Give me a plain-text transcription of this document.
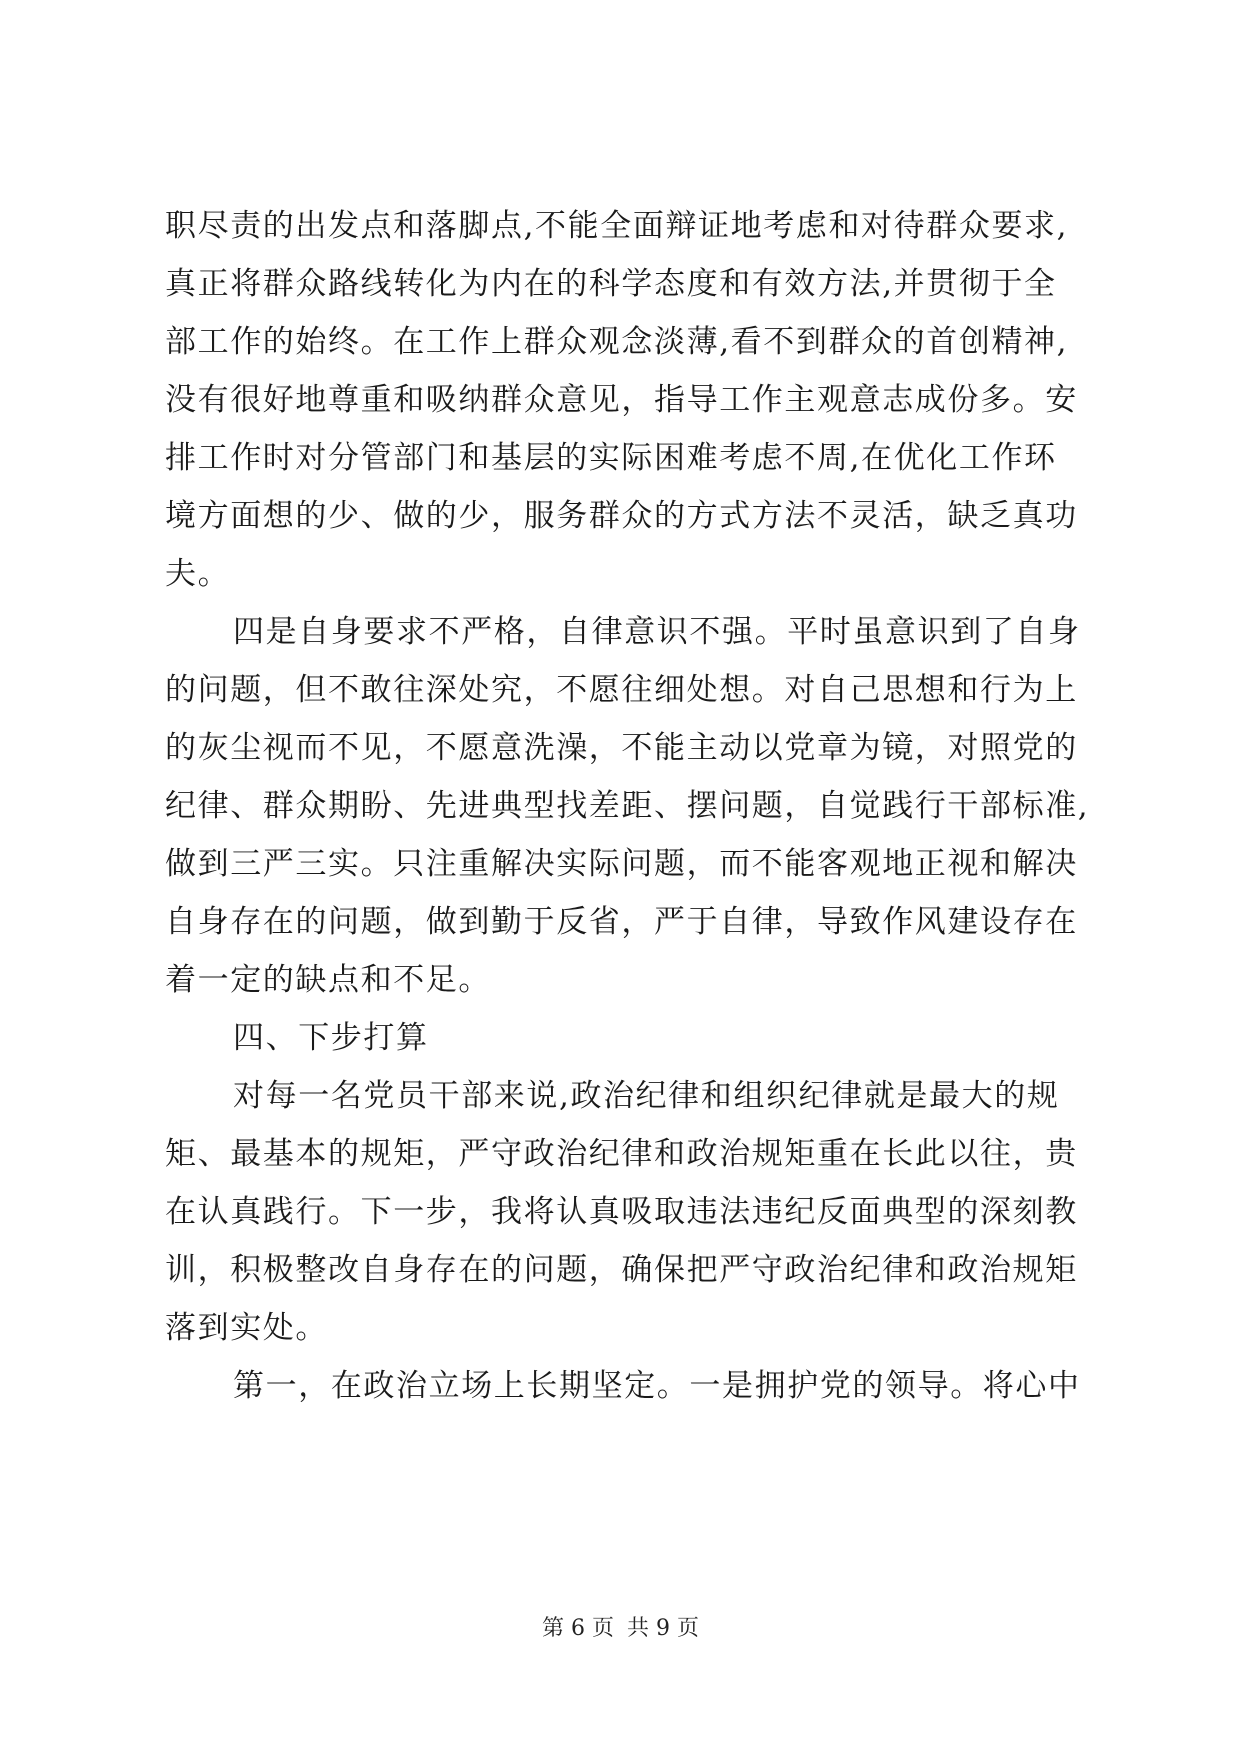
职尽责的出发点和落脚点,不能全面辩证地考虑和对待群众要求,
真正将群众路线转化为内在的科学态度和有效方法,并贯彻于全
部工作的始终。在工作上群众观念淡薄,看不到群众的首创精神,
没有很好地尊重和吸纳群众意见，指导工作主观意志成份多。安
排工作时对分管部门和基层的实际困难考虑不周,在优化工作环
境方面想的少、做的少，服务群众的方式方法不灵活，缺乏真功
夫。
四是自身要求不严格，自律意识不强。平时虽意识到了自身
的问题，但不敢往深处究，不愿往细处想。对自己思想和行为上
的灰尘视而不见，不愿意洗澡，不能主动以党章为镜，对照党的
纪律、群众期盼、先进典型找差距、摆问题，自觉践行干部标准,
做到三严三实。只注重解决实际问题，而不能客观地正视和解决
自身存在的问题，做到勤于反省，严于自律，导致作风建设存在
着一定的缺点和不足。
四、下步打算
对每一名党员干部来说,政治纪律和组织纪律就是最大的规
矩、最基本的规矩，严守政治纪律和政治规矩重在长此以往，贵
在认真践行。下一步，我将认真吸取违法违纪反面典型的深刻教
训，积极整改自身存在的问题，确保把严守政治纪律和政治规矩
落到实处。
第一，在政治立场上长期坚定。一是拥护党的领导。将心中
第 6 页 共 9 页
